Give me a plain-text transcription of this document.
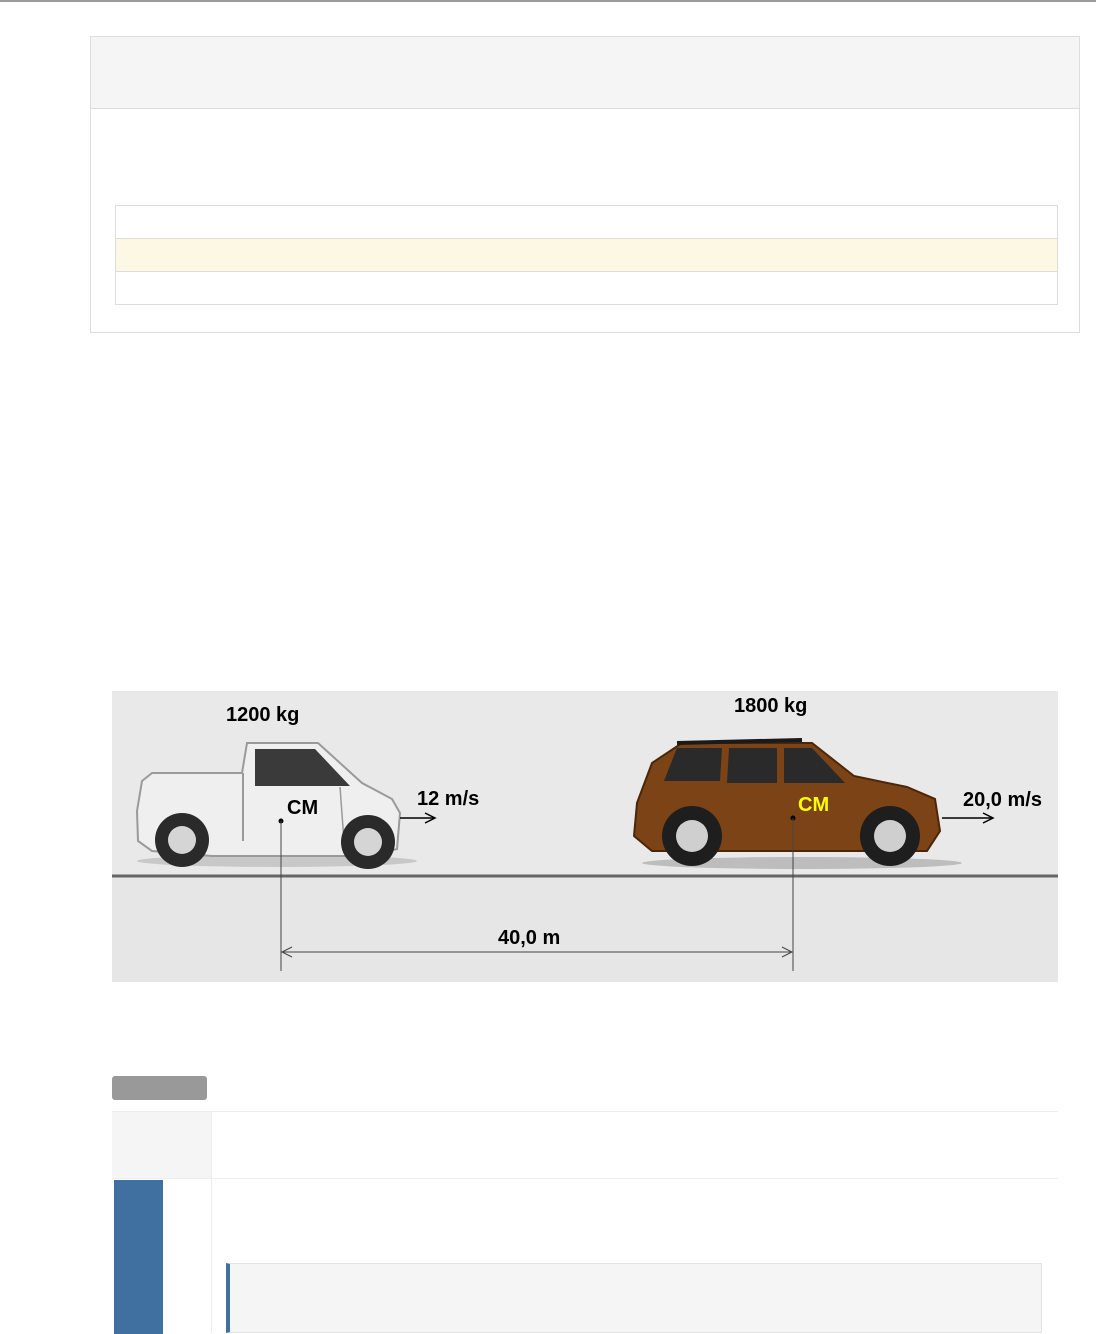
1200 kg
CM	12 m/s
1800 kg
CM	20,0 m/s
40,0 m
